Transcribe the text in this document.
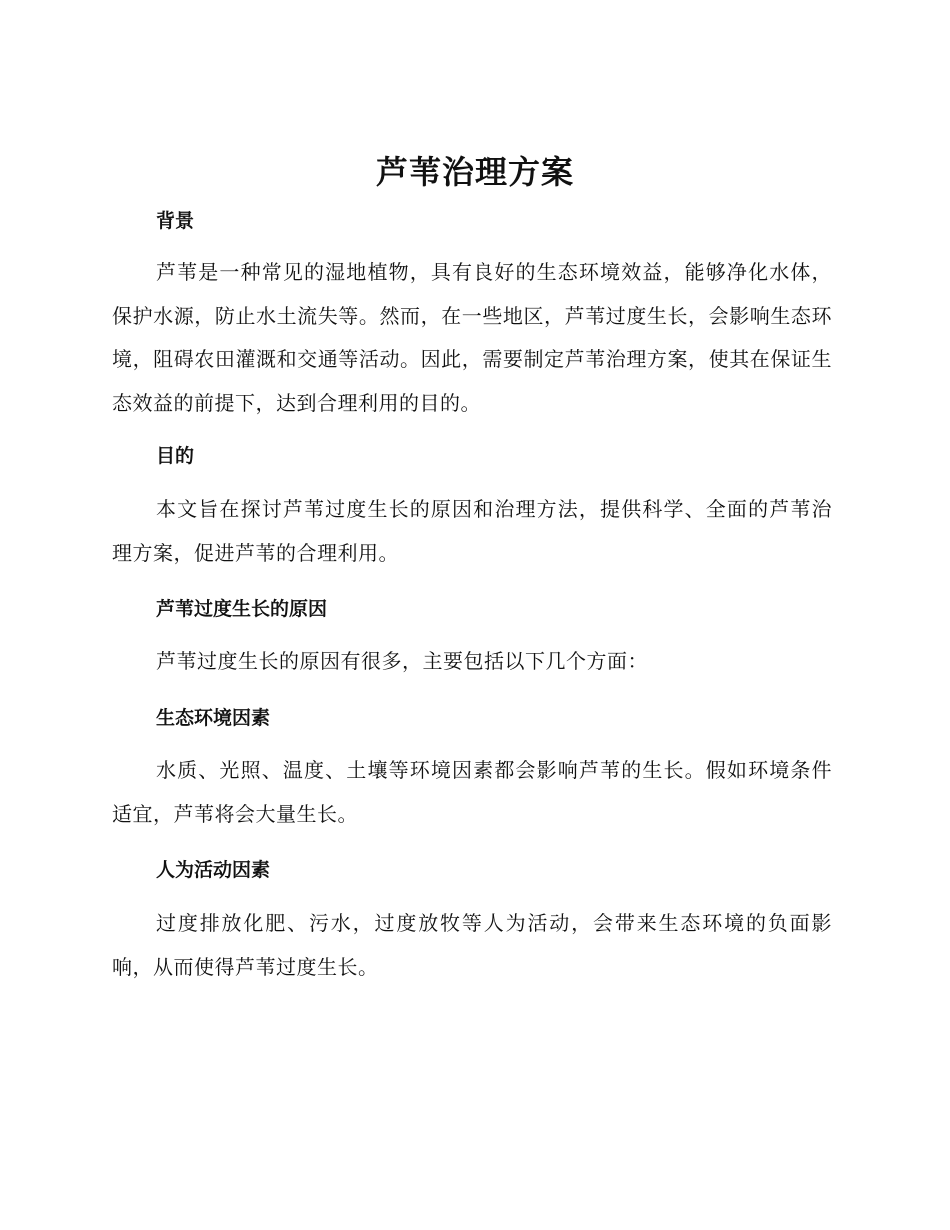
芦苇治理方案
背景

芦苇是一种常见的湿地植物，具有良好的生态环境效益，能够净化水体，保护水源，防止水土流失等。然而，在一些地区，芦苇过度生长，会影响生态环境，阻碍农田灌溉和交通等活动。因此，需要制定芦苇治理方案，使其在保证生态效益的前提下，达到合理利用的目的。

目的

本文旨在探讨芦苇过度生长的原因和治理方法，提供科学、全面的芦苇治理方案，促进芦苇的合理利用。

芦苇过度生长的原因

芦苇过度生长的原因有很多，主要包括以下几个方面：

生态环境因素

水质、光照、温度、土壤等环境因素都会影响芦苇的生长。假如环境条件适宜，芦苇将会大量生长。

人为活动因素

过度排放化肥、污水，过度放牧等人为活动，会带来生态环境的负面影响，从而使得芦苇过度生长。
